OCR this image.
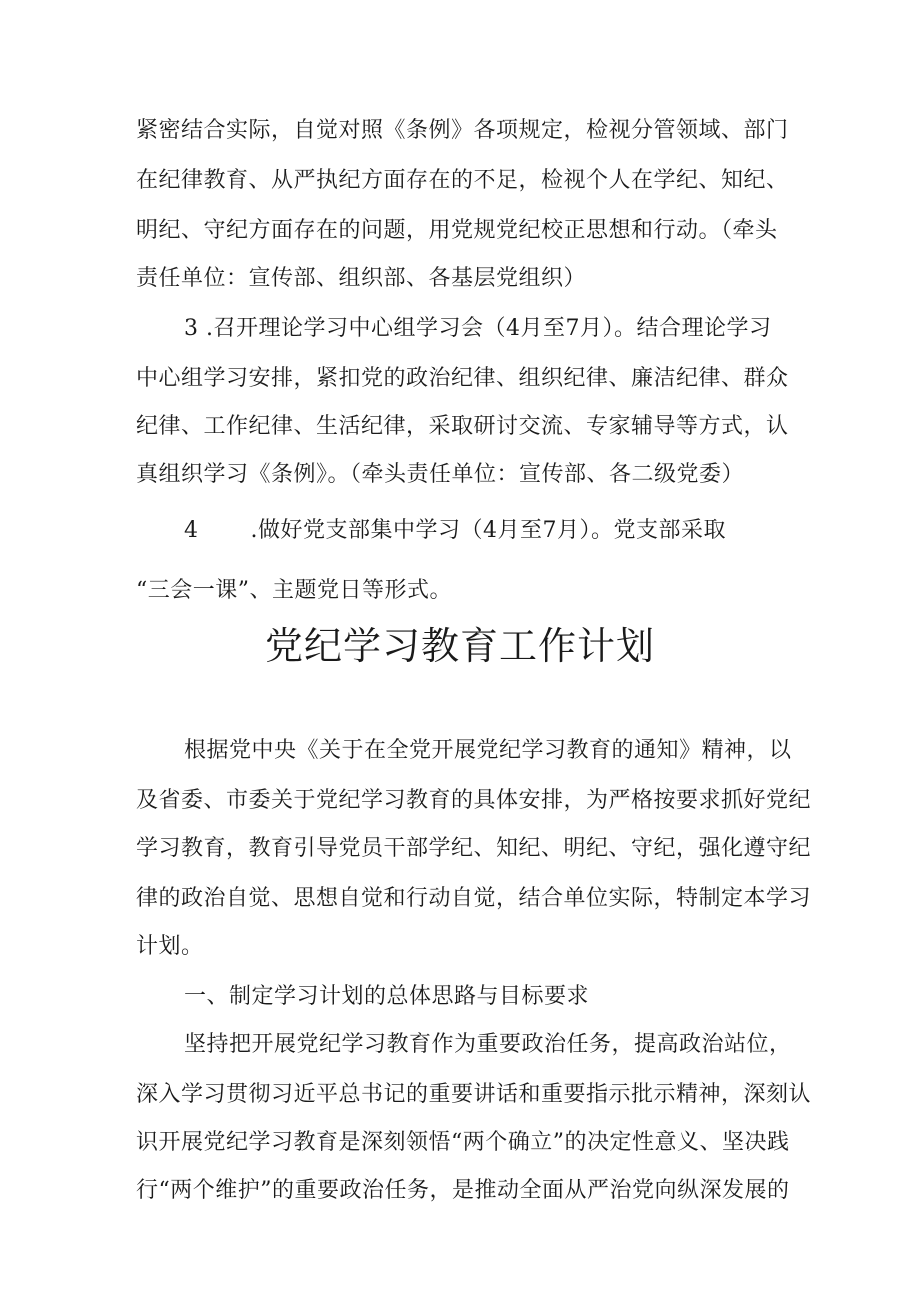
紧密结合实际，自觉对照《条例》各项规定，检视分管领域、部门
在纪律教育、从严执纪方面存在的不足，检视个人在学纪、知纪、
明纪、守纪方面存在的问题，用党规党纪校正思想和行动。（牵头
责任单位：宣传部、组织部、各基层党组织）
3 .召开理论学习中心组学习会（4月至7月）。结合理论学习
中心组学习安排，紧扣党的政治纪律、组织纪律、廉洁纪律、群众
纪律、工作纪律、生活纪律，采取研讨交流、专家辅导等方式，认
真组织学习《条例》。（牵头责任单位：宣传部、各二级党委）
4 .做好党支部集中学习（4月至7月）。党支部采取
“三会一课”、主题党日等形式。
党纪学习教育工作计划
根据党中央《关于在全党开展党纪学习教育的通知》精神，以
及省委、市委关于党纪学习教育的具体安排，为严格按要求抓好党纪
学习教育，教育引导党员干部学纪、知纪、明纪、守纪，强化遵守纪
律的政治自觉、思想自觉和行动自觉，结合单位实际，特制定本学习
计划。
一、制定学习计划的总体思路与目标要求
坚持把开展党纪学习教育作为重要政治任务，提高政治站位，
深入学习贯彻习近平总书记的重要讲话和重要指示批示精神，深刻认
识开展党纪学习教育是深刻领悟“两个确立”的决定性意义、坚决践
行“两个维护”的重要政治任务，是推动全面从严治党向纵深发展的
